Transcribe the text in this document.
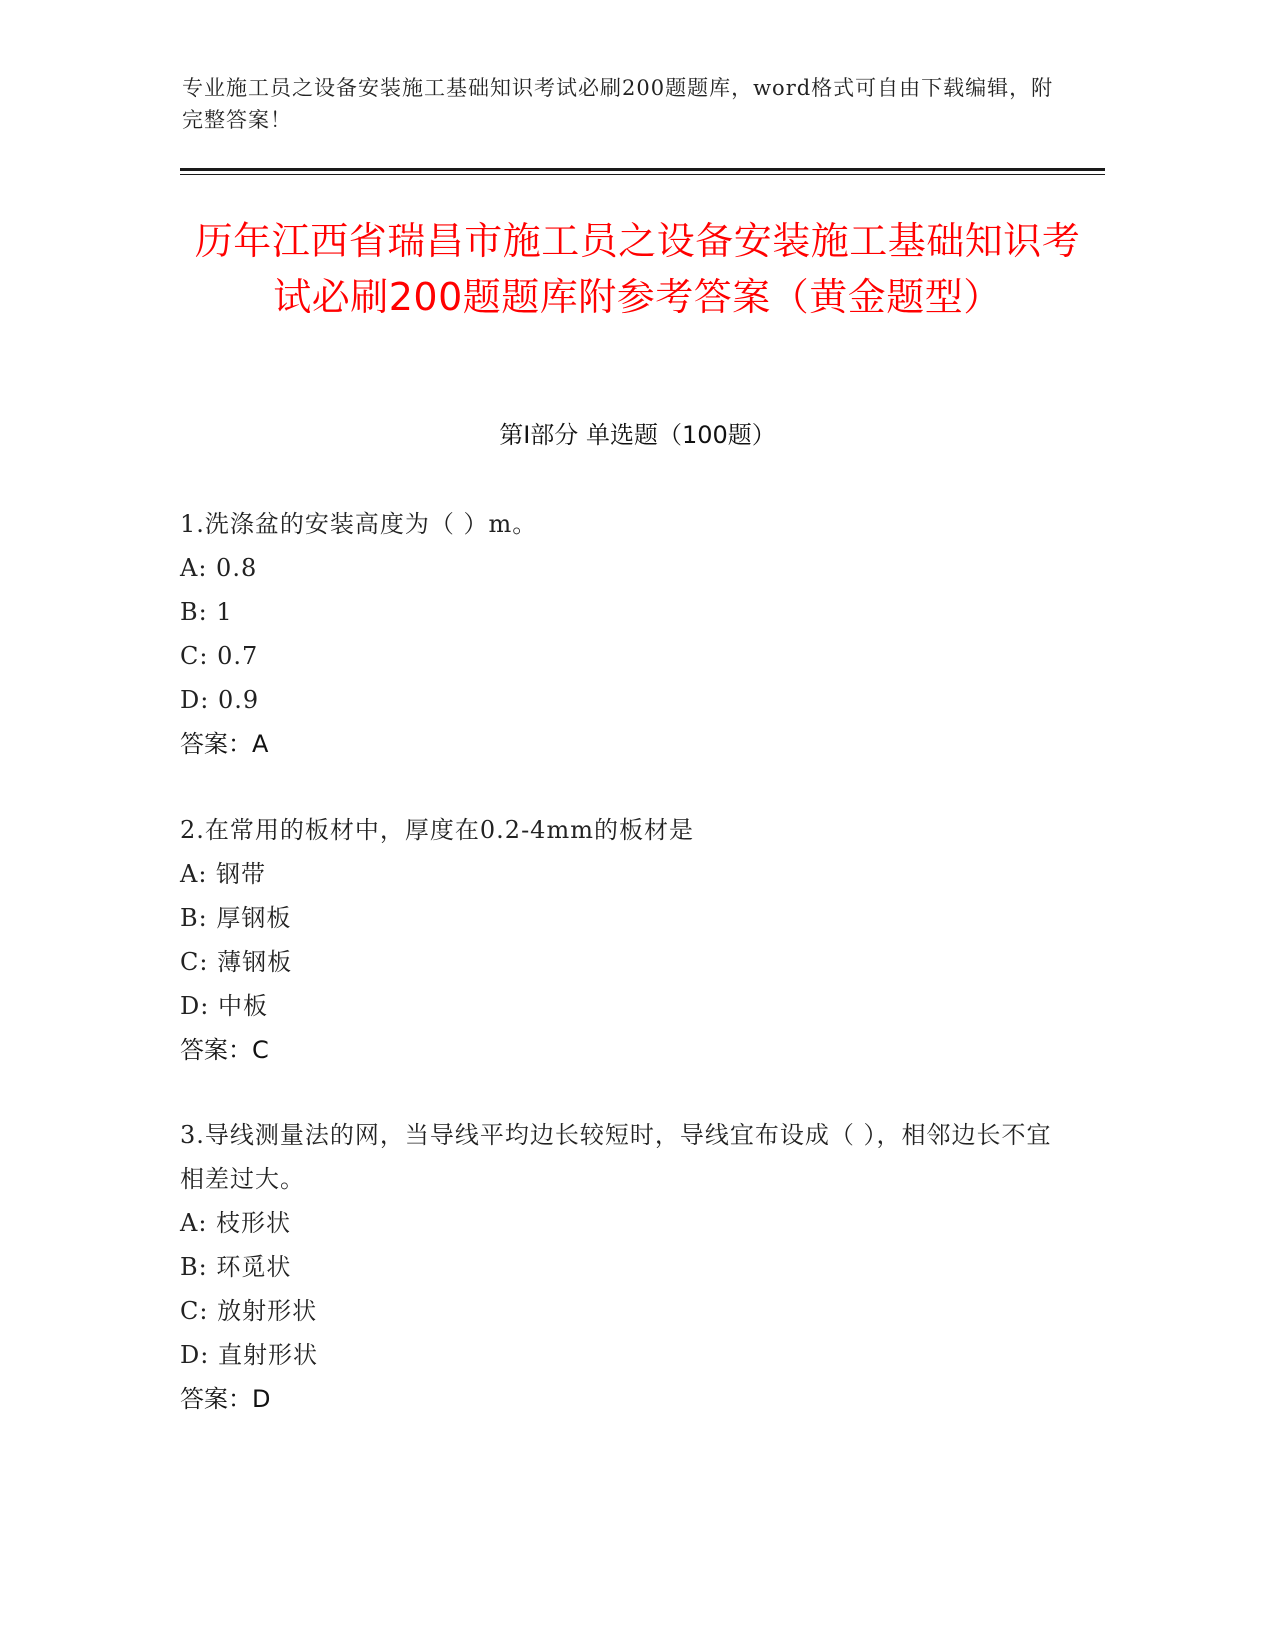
专业施工员之设备安装施工基础知识考试必刷200题题库，word格式可自由下载编辑，附完整答案！
历年江西省瑞昌市施工员之设备安装施工基础知识考试必刷200题题库附参考答案（黄金题型）
第Ⅰ部分 单选题（100题）

1.洗涤盆的安装高度为（ ）m。

A: 0.8

B: 1

C: 0.7

D: 0.9

答案：A

2.在常用的板材中，厚度在0.2-4mm的板材是

A: 钢带

B: 厚钢板

C: 薄钢板

D: 中板

答案：C

3.导线测量法的网，当导线平均边长较短时，导线宜布设成（ ），相邻边长不宜相差过大。

A: 枝形状

B: 环觅状

C: 放射形状

D: 直射形状

答案：D
